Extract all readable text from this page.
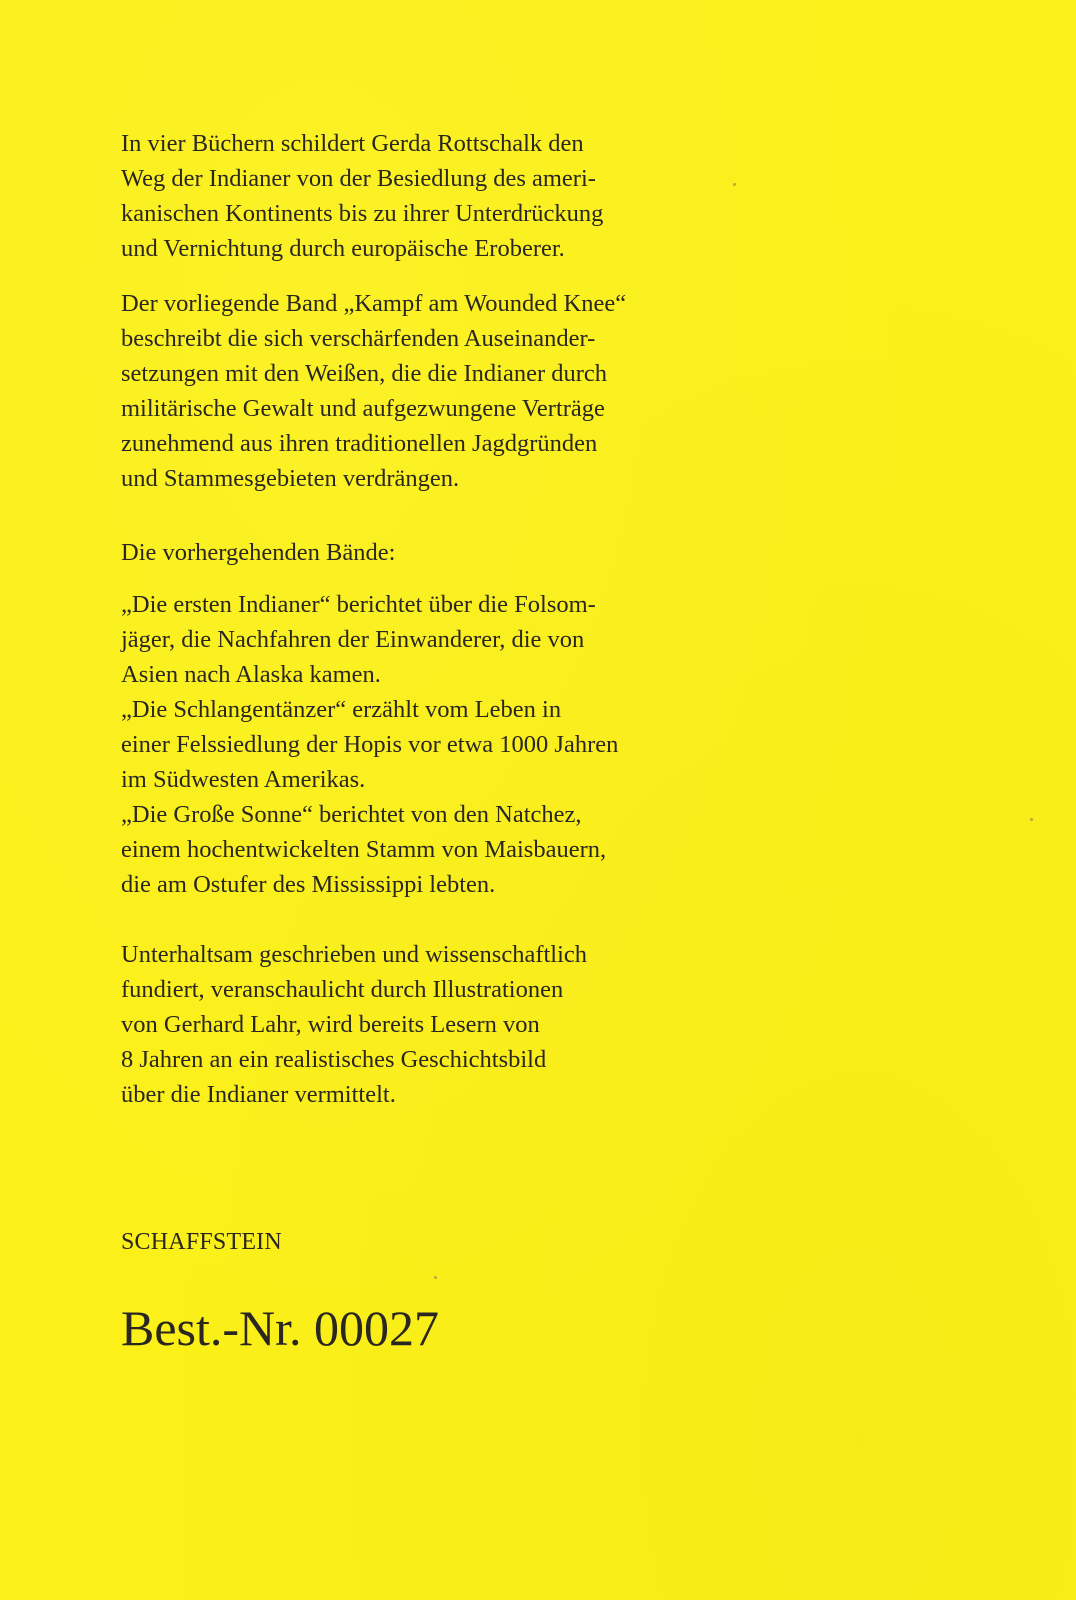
In vier Büchern schildert Gerda Rottschalk den
Weg der Indianer von der Besiedlung des ameri-
kanischen Kontinents bis zu ihrer Unterdrückung
und Vernichtung durch europäische Eroberer.
Der vorliegende Band „Kampf am Wounded Knee“
beschreibt die sich verschärfenden Auseinander-
setzungen mit den Weißen, die die Indianer durch
militärische Gewalt und aufgezwungene Verträge
zunehmend aus ihren traditionellen Jagdgründen
und Stammesgebieten verdrängen.
Die vorhergehenden Bände:
„Die ersten Indianer“ berichtet über die Folsom-
jäger, die Nachfahren der Einwanderer, die von
Asien nach Alaska kamen.
„Die Schlangentänzer“ erzählt vom Leben in
einer Felssiedlung der Hopis vor etwa 1000 Jahren
im Südwesten Amerikas.
„Die Große Sonne“ berichtet von den Natchez,
einem hochentwickelten Stamm von Maisbauern,
die am Ostufer des Mississippi lebten.
Unterhaltsam geschrieben und wissenschaftlich
fundiert, veranschaulicht durch Illustrationen
von Gerhard Lahr, wird bereits Lesern von
8 Jahren an ein realistisches Geschichtsbild
über die Indianer vermittelt.
SCHAFFSTEIN
Best.-Nr. 00027
